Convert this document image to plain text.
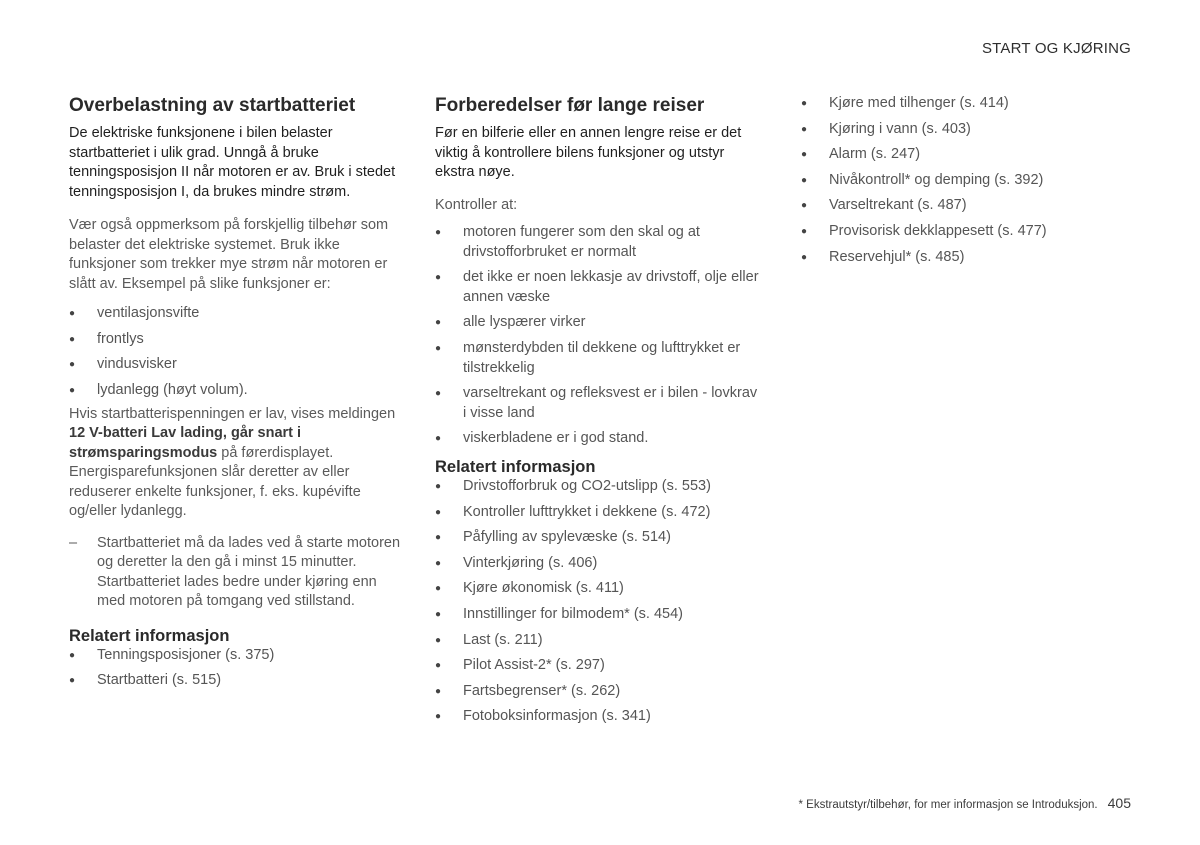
START OG KJØRING
Overbelastning av startbatteriet

De elektriske funksjonene i bilen belaster startbatteriet i ulik grad. Unngå å bruke tenningsposisjon II når motoren er av. Bruk i stedet tenningsposisjon I, da brukes mindre strøm.

Vær også oppmerksom på forskjellig tilbehør som belaster det elektriske systemet. Bruk ikke funksjoner som trekker mye strøm når motoren er slått av. Eksempel på slike funksjoner er:

● ventilasjonsvifte
● frontlys
● vindusvisker
● lydanlegg (høyt volum).

Hvis startbatterispenningen er lav, vises meldingen 12 V-batteri Lav lading, går snart i strømsparingsmodus på førerdisplayet. Energisparefunksjonen slår deretter av eller reduserer enkelte funksjoner, f. eks. kupévifte og/eller lydanlegg.

– Startbatteriet må da lades ved å starte motoren og deretter la den gå i minst 15 minutter. Startbatteriet lades bedre under kjøring enn med motoren på tomgang ved stillstand.

Relatert informasjon
● Tenningsposisjoner (s. 375)
● Startbatteri (s. 515)
Forberedelser før lange reiser

Før en bilferie eller en annen lengre reise er det viktig å kontrollere bilens funksjoner og utstyr ekstra nøye.

Kontroller at:

● motoren fungerer som den skal og at drivstofforbruket er normalt
● det ikke er noen lekkasje av drivstoff, olje eller annen væske
● alle lyspærer virker
● mønsterdybden til dekkene og lufttrykket er tilstrekkelig
● varseltrekant og refleksvest er i bilen - lovkrav i visse land
● viskerbladene er i god stand.
Relatert informasjon
● Drivstofforbruk og CO2-utslipp (s. 553)
● Kontroller lufttrykket i dekkene (s. 472)
● Påfylling av spylevæske (s. 514)
● Vinterkjøring (s. 406)
● Kjøre økonomisk (s. 411)
● Innstillinger for bilmodem* (s. 454)
● Last (s. 211)
● Pilot Assist-2* (s. 297)
● Fartsbegrenser* (s. 262)
● Fotoboksinformasjon (s. 341)
● Kjøre med tilhenger (s. 414)
● Kjøring i vann (s. 403)
● Alarm (s. 247)
● Nivåkontroll* og demping (s. 392)
● Varseltrekant (s. 487)
● Provisorisk dekklappesett (s. 477)
● Reservehjul* (s. 485)
* Ekstrautstyr/tilbehør, for mer informasjon se Introduksjon. 405
